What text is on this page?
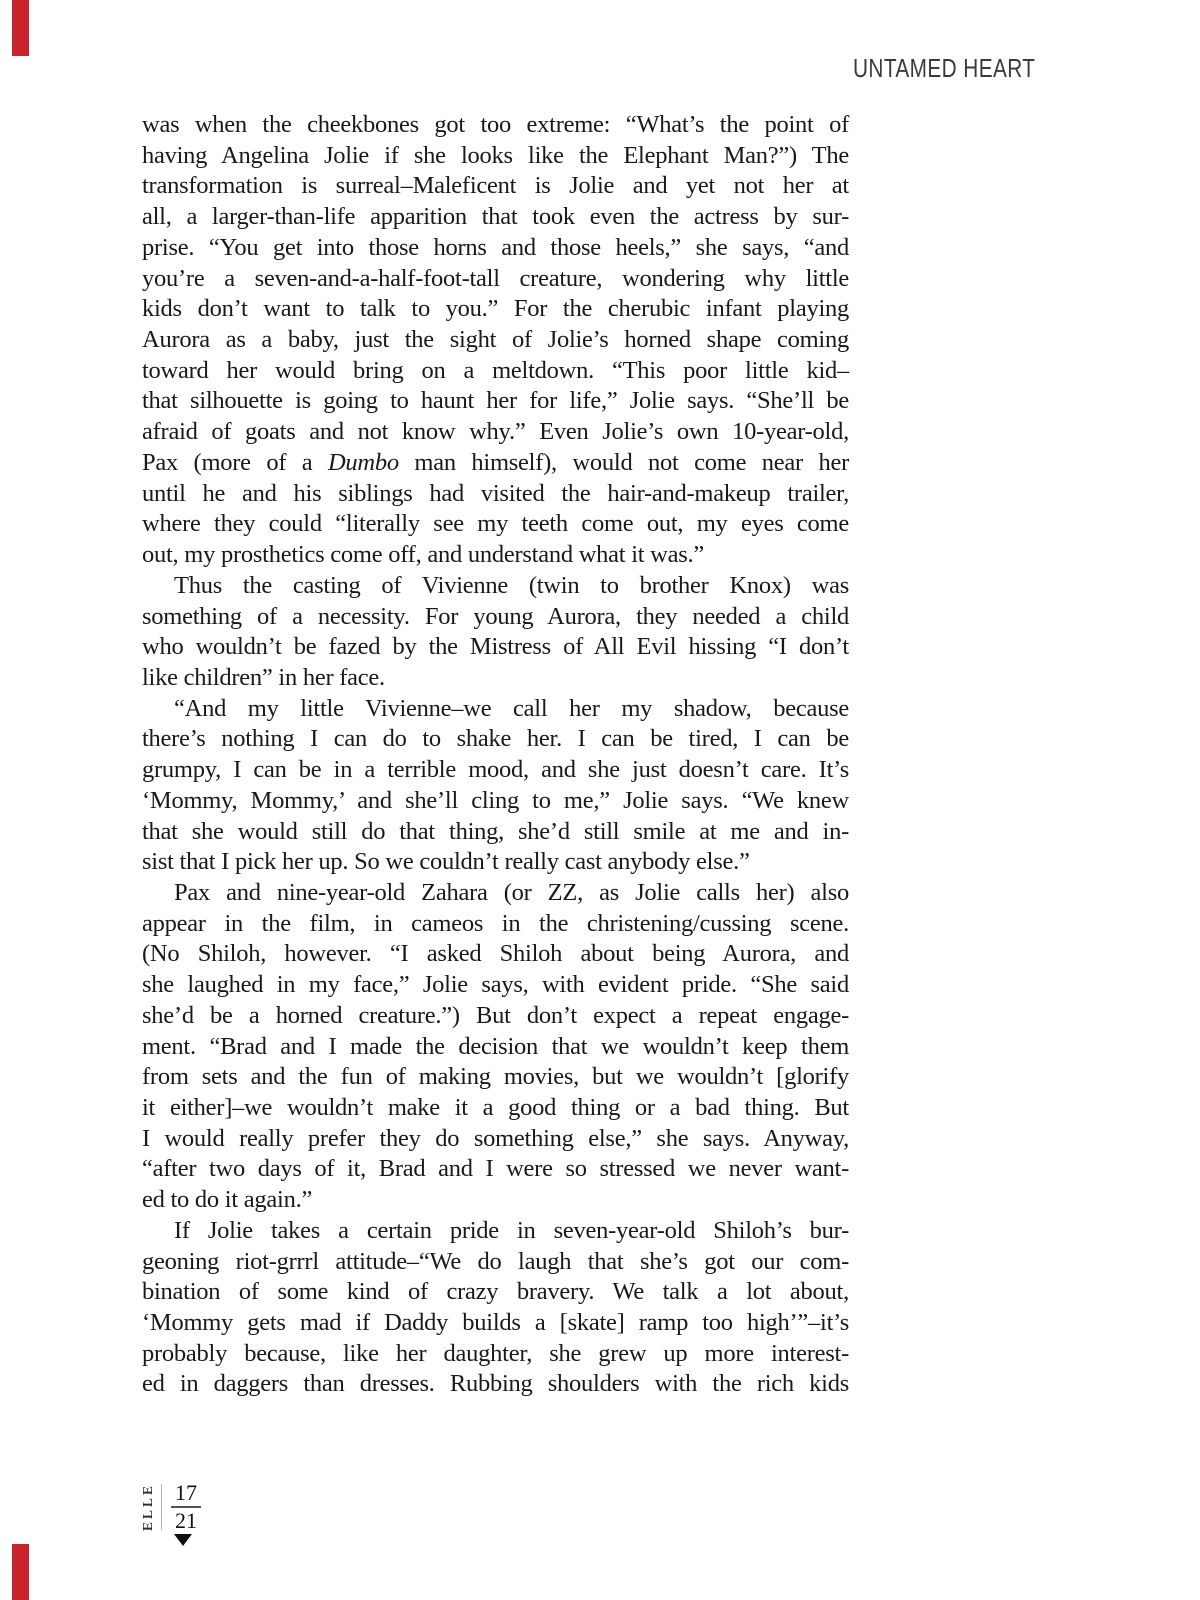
UNTAMED HEART
was when the cheekbones got too extreme: “What’s the point of
having Angelina Jolie if she looks like the Elephant Man?”) The
transformation is surreal–Maleficent is Jolie and yet not her at
all, a larger-than-life apparition that took even the actress by sur-
prise. “You get into those horns and those heels,” she says, “and
you’re a seven-and-a-half-foot-tall creature, wondering why little
kids don’t want to talk to you.” For the cherubic infant playing
Aurora as a baby, just the sight of Jolie’s horned shape coming
toward her would bring on a meltdown. “This poor little kid–
that silhouette is going to haunt her for life,” Jolie says. “She’ll be
afraid of goats and not know why.” Even Jolie’s own 10-year-old,
Pax (more of a Dumbo man himself), would not come near her
until he and his siblings had visited the hair-and-makeup trailer,
where they could “literally see my teeth come out, my eyes come
out, my prosthetics come off, and understand what it was.”
Thus the casting of Vivienne (twin to brother Knox) was
something of a necessity. For young Aurora, they needed a child
who wouldn’t be fazed by the Mistress of All Evil hissing “I don’t
like children” in her face.
“And my little Vivienne–we call her my shadow, because
there’s nothing I can do to shake her. I can be tired, I can be
grumpy, I can be in a terrible mood, and she just doesn’t care. It’s
‘Mommy, Mommy,’ and she’ll cling to me,” Jolie says. “We knew
that she would still do that thing, she’d still smile at me and in-
sist that I pick her up. So we couldn’t really cast anybody else.”
Pax and nine-year-old Zahara (or ZZ, as Jolie calls her) also
appear in the film, in cameos in the christening/cussing scene.
(No Shiloh, however. “I asked Shiloh about being Aurora, and
she laughed in my face,” Jolie says, with evident pride. “She said
she’d be a horned creature.”) But don’t expect a repeat engage-
ment. “Brad and I made the decision that we wouldn’t keep them
from sets and the fun of making movies, but we wouldn’t [glorify
it either]–we wouldn’t make it a good thing or a bad thing. But
I would really prefer they do something else,” she says. Anyway,
“after two days of it, Brad and I were so stressed we never want-
ed to do it again.”
If Jolie takes a certain pride in seven-year-old Shiloh’s bur-
geoning riot-grrrl attitude–“We do laugh that she’s got our com-
bination of some kind of crazy bravery. We talk a lot about,
‘Mommy gets mad if Daddy builds a [skate] ramp too high’”–it’s
probably because, like her daughter, she grew up more interest-
ed in daggers than dresses. Rubbing shoulders with the rich kids
ELLE 17
21
